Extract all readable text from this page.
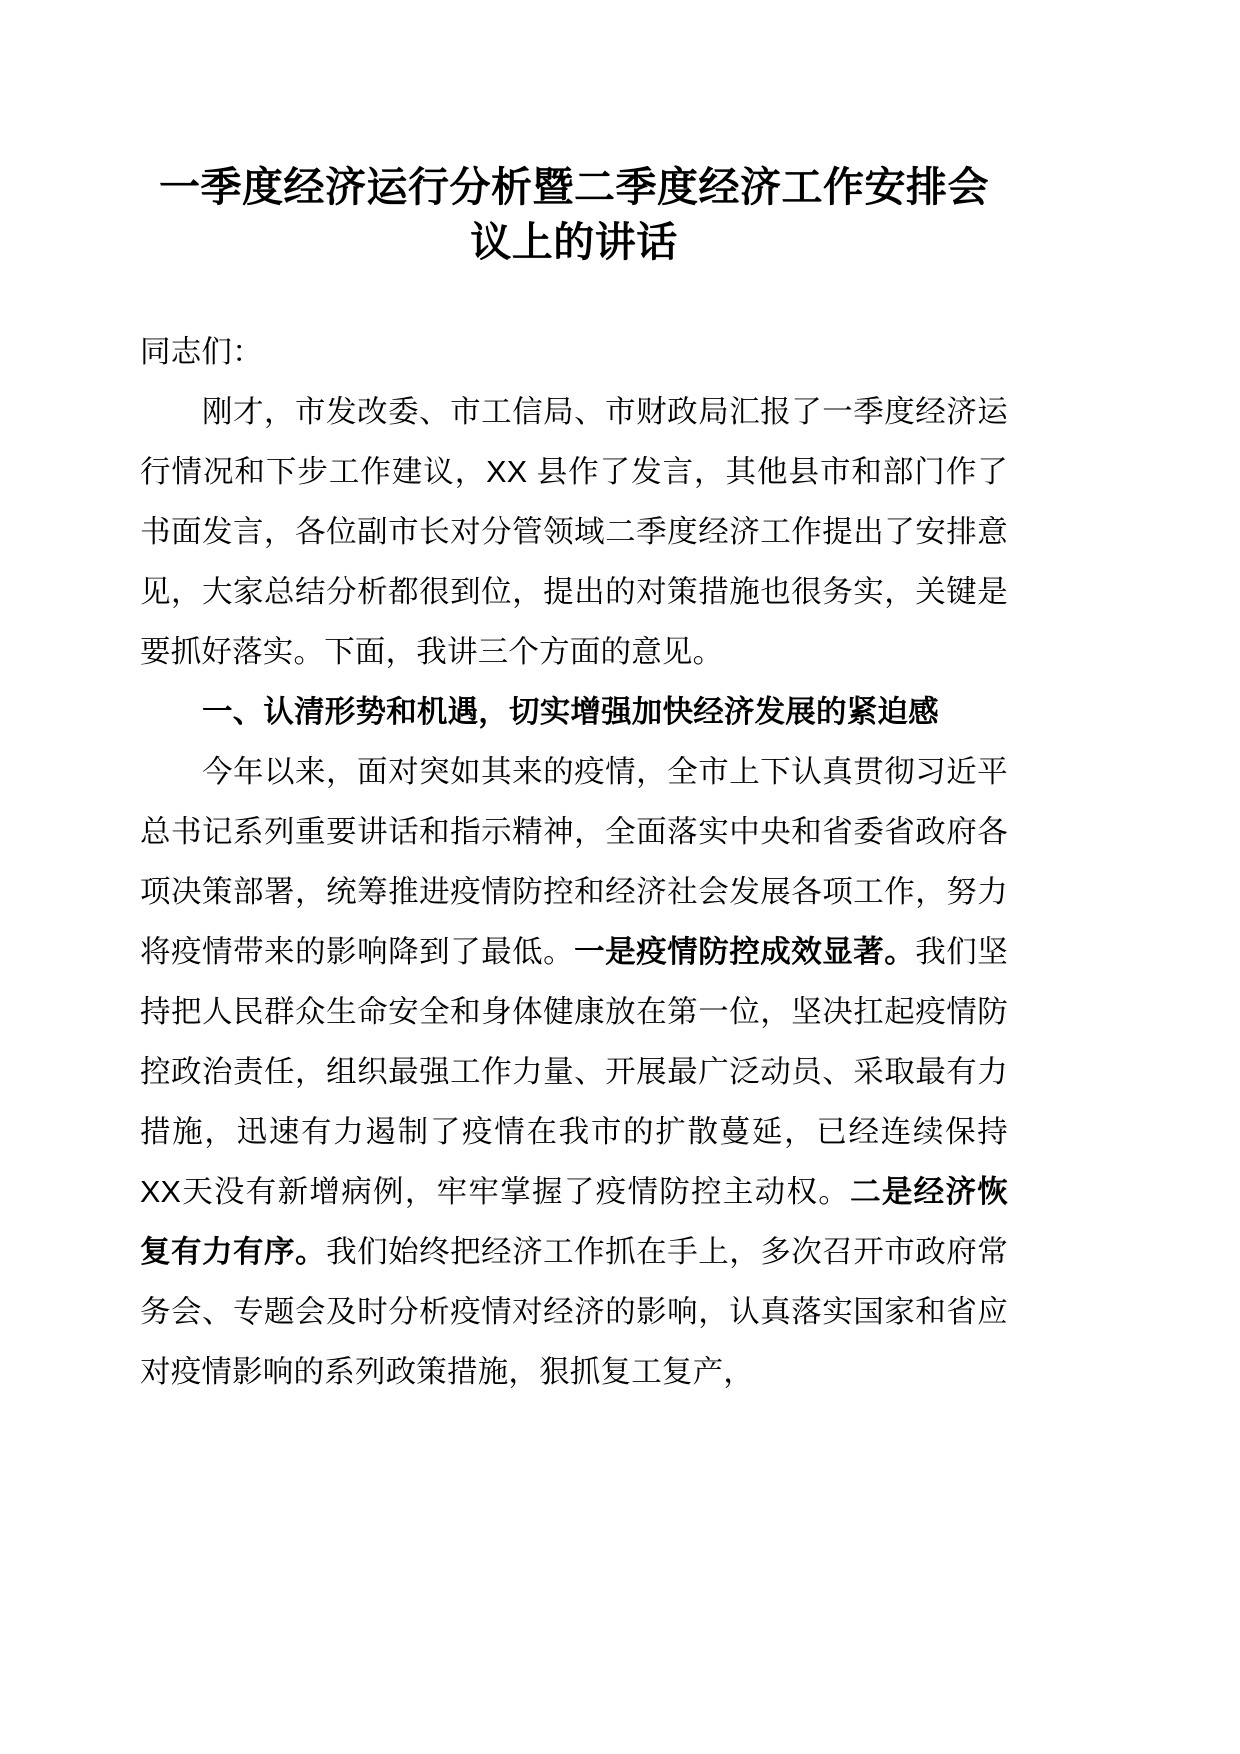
一季度经济运行分析暨二季度经济工作安排会
议上的讲话

同志们：

刚才，市发改委、市工信局、市财政局汇报了一季度经济运行情况和下步工作建议，XX 县作了发言，其他县市和部门作了书面发言，各位副市长对分管领域二季度经济工作提出了安排意见，大家总结分析都很到位，提出的对策措施也很务实，关键是要抓好落实。下面，我讲三个方面的意见。

一、认清形势和机遇，切实增强加快经济发展的紧迫感

今年以来，面对突如其来的疫情，全市上下认真贯彻习近平总书记系列重要讲话和指示精神，全面落实中央和省委省政府各项决策部署，统筹推进疫情防控和经济社会发展各项工作，努力将疫情带来的影响降到了最低。一是疫情防控成效显著。我们坚持把人民群众生命安全和身体健康放在第一位，坚决扛起疫情防控政治责任，组织最强工作力量、开展最广泛动员、采取最有力措施，迅速有力遏制了疫情在我市的扩散蔓延，已经连续保持XX天没有新增病例，牢牢掌握了疫情防控主动权。二是经济恢复有力有序。我们始终把经济工作抓在手上，多次召开市政府常务会、专题会及时分析疫情对经济的影响，认真落实国家和省应对疫情影响的系列政策措施，狠抓复工复产，
